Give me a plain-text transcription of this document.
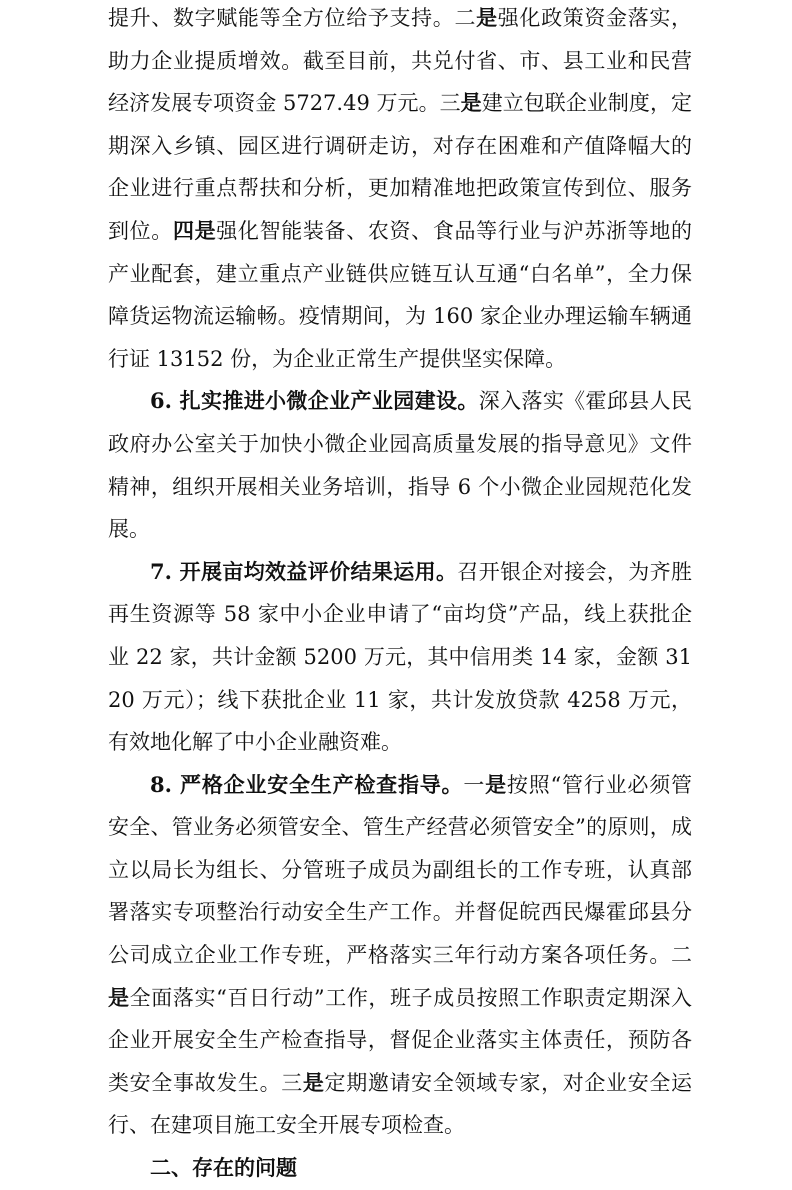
提升、数字赋能等全方位给予支持。二是强化政策资金落实，助力企业提质增效。截至目前，共兑付省、市、县工业和民营经济发展专项资金 5727.49 万元。三是建立包联企业制度，定期深入乡镇、园区进行调研走访，对存在困难和产值降幅大的企业进行重点帮扶和分析，更加精准地把政策宣传到位、服务到位。四是强化智能装备、农资、食品等行业与沪苏浙等地的产业配套，建立重点产业链供应链互认互通“白名单”，全力保障货运物流运输畅。疫情期间，为 160 家企业办理运输车辆通行证 13152 份，为企业正常生产提供坚实保障。

6. 扎实推进小微企业产业园建设。深入落实《霍邱县人民政府办公室关于加快小微企业园高质量发展的指导意见》文件精神，组织开展相关业务培训，指导 6 个小微企业园规范化发展。

7. 开展亩均效益评价结果运用。召开银企对接会，为齐胜再生资源等 58 家中小企业申请了“亩均贷”产品，线上获批企业 22 家，共计金额 5200 万元，其中信用类 14 家，金额 3120 万元）；线下获批企业 11 家，共计发放贷款 4258 万元，有效地化解了中小企业融资难。

8. 严格企业安全生产检查指导。一是按照“管行业必须管安全、管业务必须管安全、管生产经营必须管安全”的原则，成立以局长为组长、分管班子成员为副组长的工作专班，认真部署落实专项整治行动安全生产工作。并督促皖西民爆霍邱县分公司成立企业工作专班，严格落实三年行动方案各项任务。二是全面落实“百日行动”工作，班子成员按照工作职责定期深入企业开展安全生产检查指导，督促企业落实主体责任，预防各类安全事故发生。三是定期邀请安全领域专家，对企业安全运行、在建项目施工安全开展专项检查。

二、存在的问题
